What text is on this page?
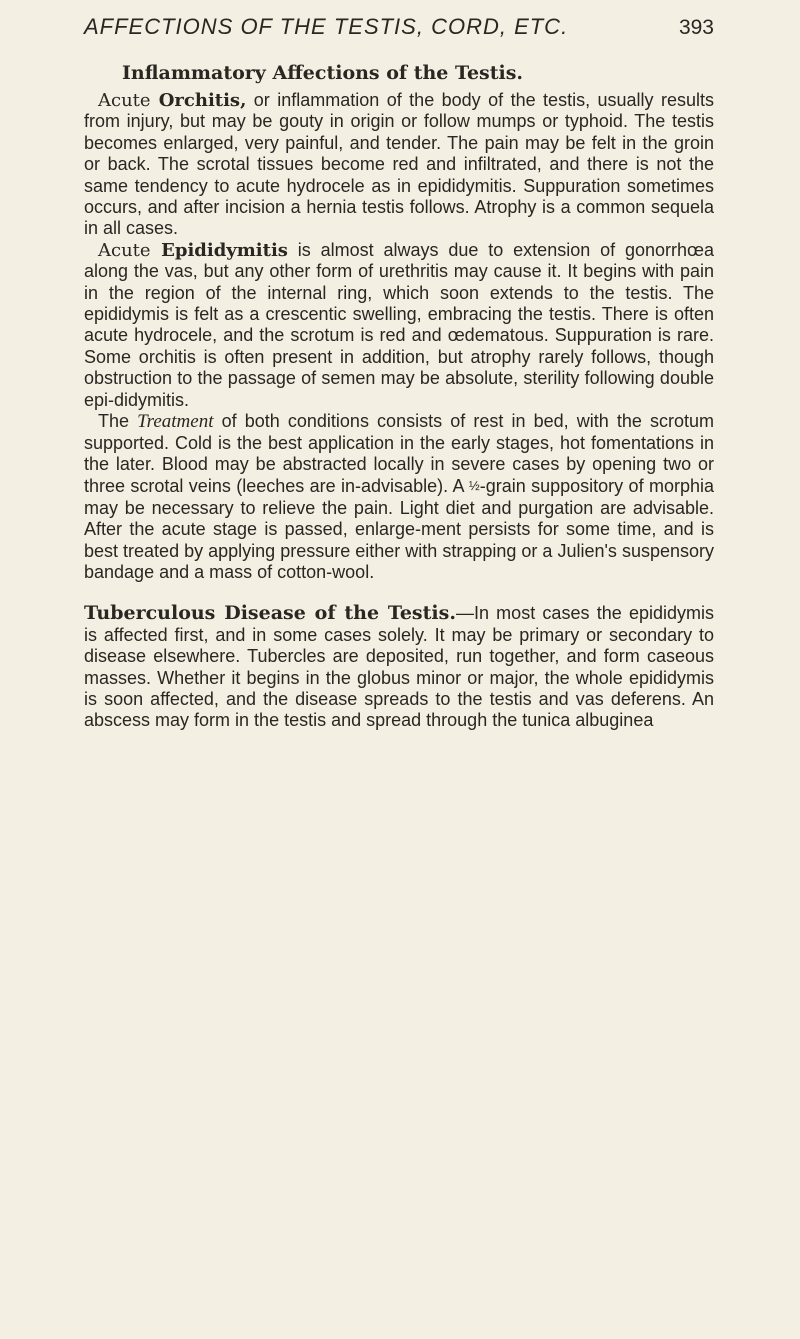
AFFECTIONS OF THE TESTIS, CORD, ETC.	393
Inflammatory Affections of the Testis.

Acute Orchitis, or inflammation of the body of the testis, usually results from injury, but may be gouty in origin or follow mumps or typhoid. The testis becomes enlarged, very painful, and tender. The pain may be felt in the groin or back. The scrotal tissues become red and infiltrated, and there is not the same tendency to acute hydrocele as in epididymitis. Suppuration sometimes occurs, and after incision a hernia testis follows. Atrophy is a common sequela in all cases.

Acute Epididymitis is almost always due to extension of gonorrhœa along the vas, but any other form of urethritis may cause it. It begins with pain in the region of the internal ring, which soon extends to the testis. The epididymis is felt as a crescentic swelling, embracing the testis. There is often acute hydrocele, and the scrotum is red and œdematous. Suppuration is rare. Some orchitis is often present in addition, but atrophy rarely follows, though obstruction to the passage of semen may be absolute, sterility following double epi-didymitis.

The Treatment of both conditions consists of rest in bed, with the scrotum supported. Cold is the best application in the early stages, hot fomentations in the later. Blood may be abstracted locally in severe cases by opening two or three scrotal veins (leeches are in-advisable). A ½-grain suppository of morphia may be necessary to relieve the pain. Light diet and purgation are advisable. After the acute stage is passed, enlarge-ment persists for some time, and is best treated by applying pressure either with strapping or a Julien's suspensory bandage and a mass of cotton-wool.

Tuberculous Disease of the Testis.—In most cases the epididymis is affected first, and in some cases solely. It may be primary or secondary to disease elsewhere. Tubercles are deposited, run together, and form caseous masses. Whether it begins in the globus minor or major, the whole epididymis is soon affected, and the disease spreads to the testis and vas deferens. An abscess may form in the testis and spread through the tunica albuginea
